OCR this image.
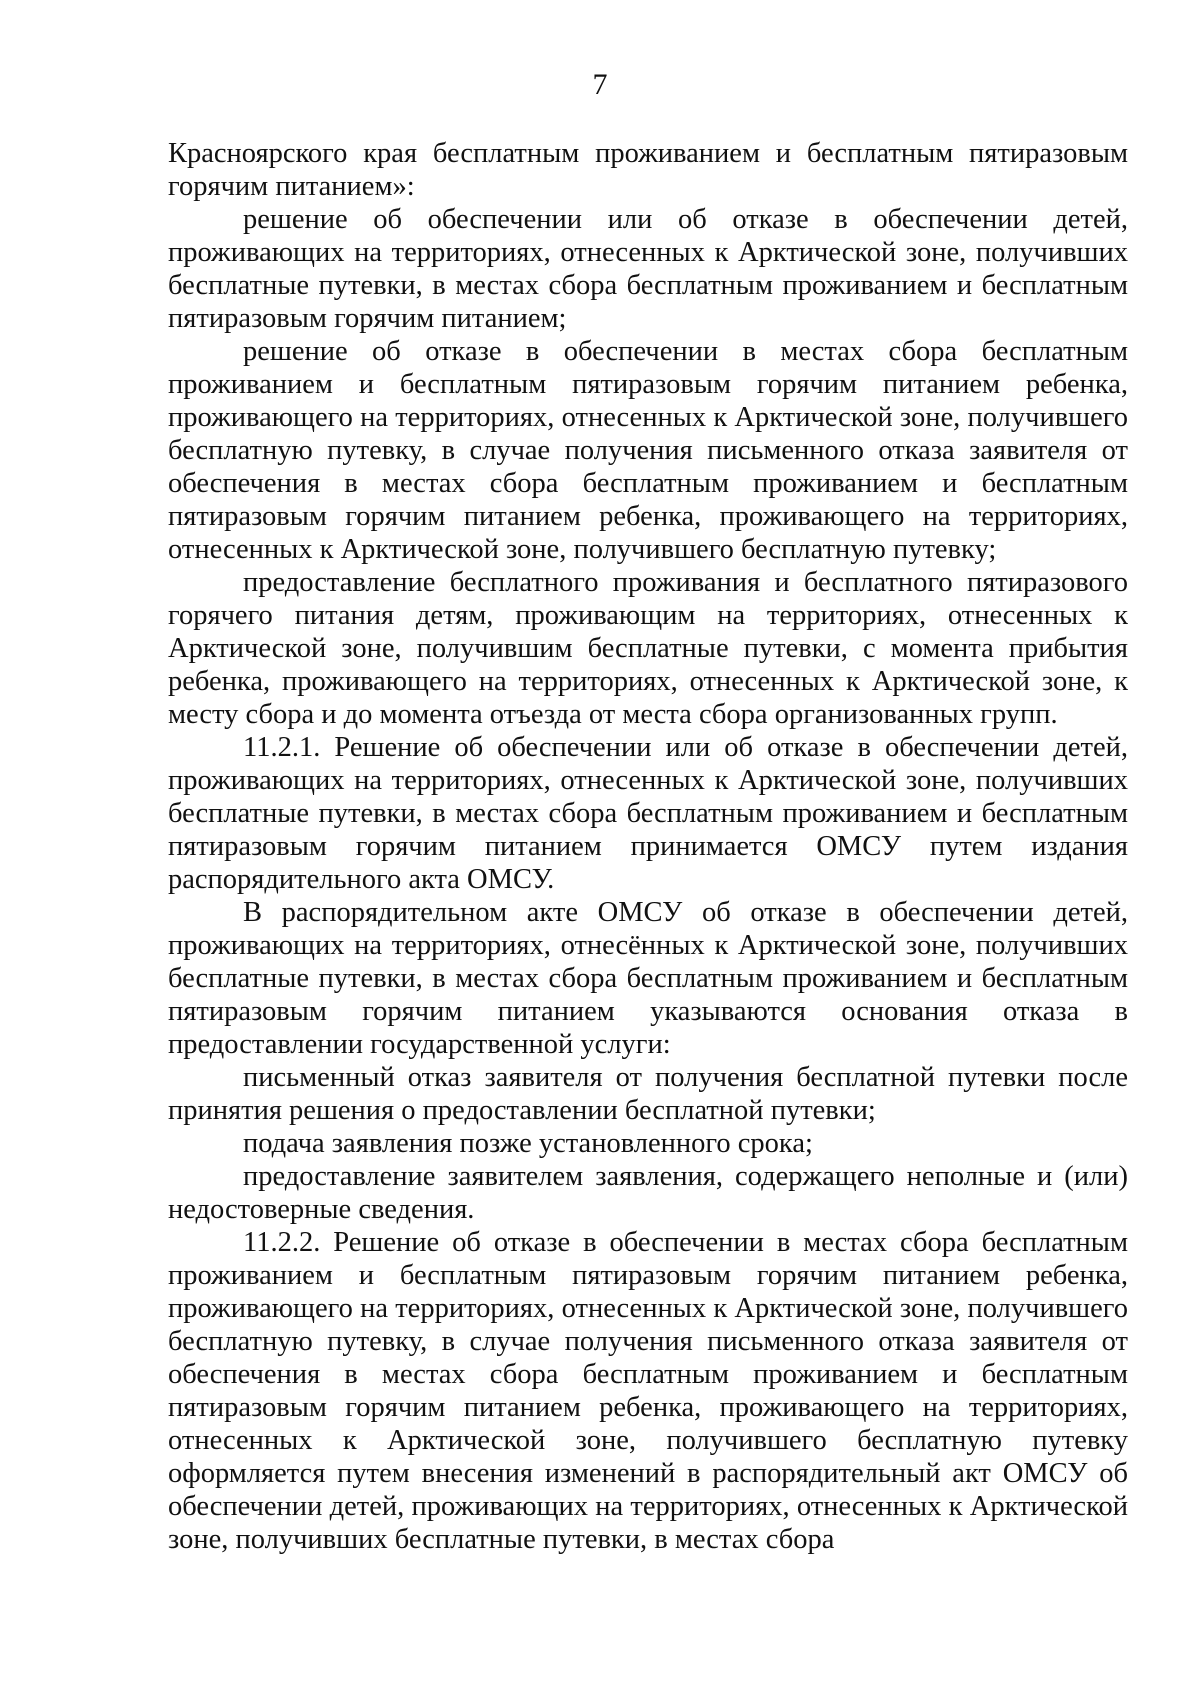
7

Красноярского края бесплатным проживанием и бесплатным пятиразовым горячим питанием»:

решение об обеспечении или об отказе в обеспечении детей, проживающих на территориях, отнесенных к Арктической зоне, получивших бесплатные путевки, в местах сбора бесплатным проживанием и бесплатным пятиразовым горячим питанием;

решение об отказе в обеспечении в местах сбора бесплатным проживанием и бесплатным пятиразовым горячим питанием ребенка, проживающего на территориях, отнесенных к Арктической зоне, получившего бесплатную путевку, в случае получения письменного отказа заявителя от обеспечения в местах сбора бесплатным проживанием и бесплатным пятиразовым горячим питанием ребенка, проживающего на территориях, отнесенных к Арктической зоне, получившего бесплатную путевку;

предоставление бесплатного проживания и бесплатного пятиразового горячего питания детям, проживающим на территориях, отнесенных к Арктической зоне, получившим бесплатные путевки, с момента прибытия ребенка, проживающего на территориях, отнесенных к Арктической зоне, к месту сбора и до момента отъезда от места сбора организованных групп.

11.2.1. Решение об обеспечении или об отказе в обеспечении детей, проживающих на территориях, отнесенных к Арктической зоне, получивших бесплатные путевки, в местах сбора бесплатным проживанием и бесплатным пятиразовым горячим питанием принимается ОМСУ путем издания распорядительного акта ОМСУ.

В распорядительном акте ОМСУ об отказе в обеспечении детей, проживающих на территориях, отнесённых к Арктической зоне, получивших бесплатные путевки, в местах сбора бесплатным проживанием и бесплатным пятиразовым горячим питанием указываются основания отказа в предоставлении государственной услуги:

письменный отказ заявителя от получения бесплатной путевки после принятия решения о предоставлении бесплатной путевки;

подача заявления позже установленного срока;

предоставление заявителем заявления, содержащего неполные и (или) недостоверные сведения.

11.2.2. Решение об отказе в обеспечении в местах сбора бесплатным проживанием и бесплатным пятиразовым горячим питанием ребенка, проживающего на территориях, отнесенных к Арктической зоне, получившего бесплатную путевку, в случае получения письменного отказа заявителя от обеспечения в местах сбора бесплатным проживанием и бесплатным пятиразовым горячим питанием ребенка, проживающего на территориях, отнесенных к Арктической зоне, получившего бесплатную путевку оформляется путем внесения изменений в распорядительный акт ОМСУ об обеспечении детей, проживающих на территориях, отнесенных к Арктической зоне, получивших бесплатные путевки, в местах сбора
